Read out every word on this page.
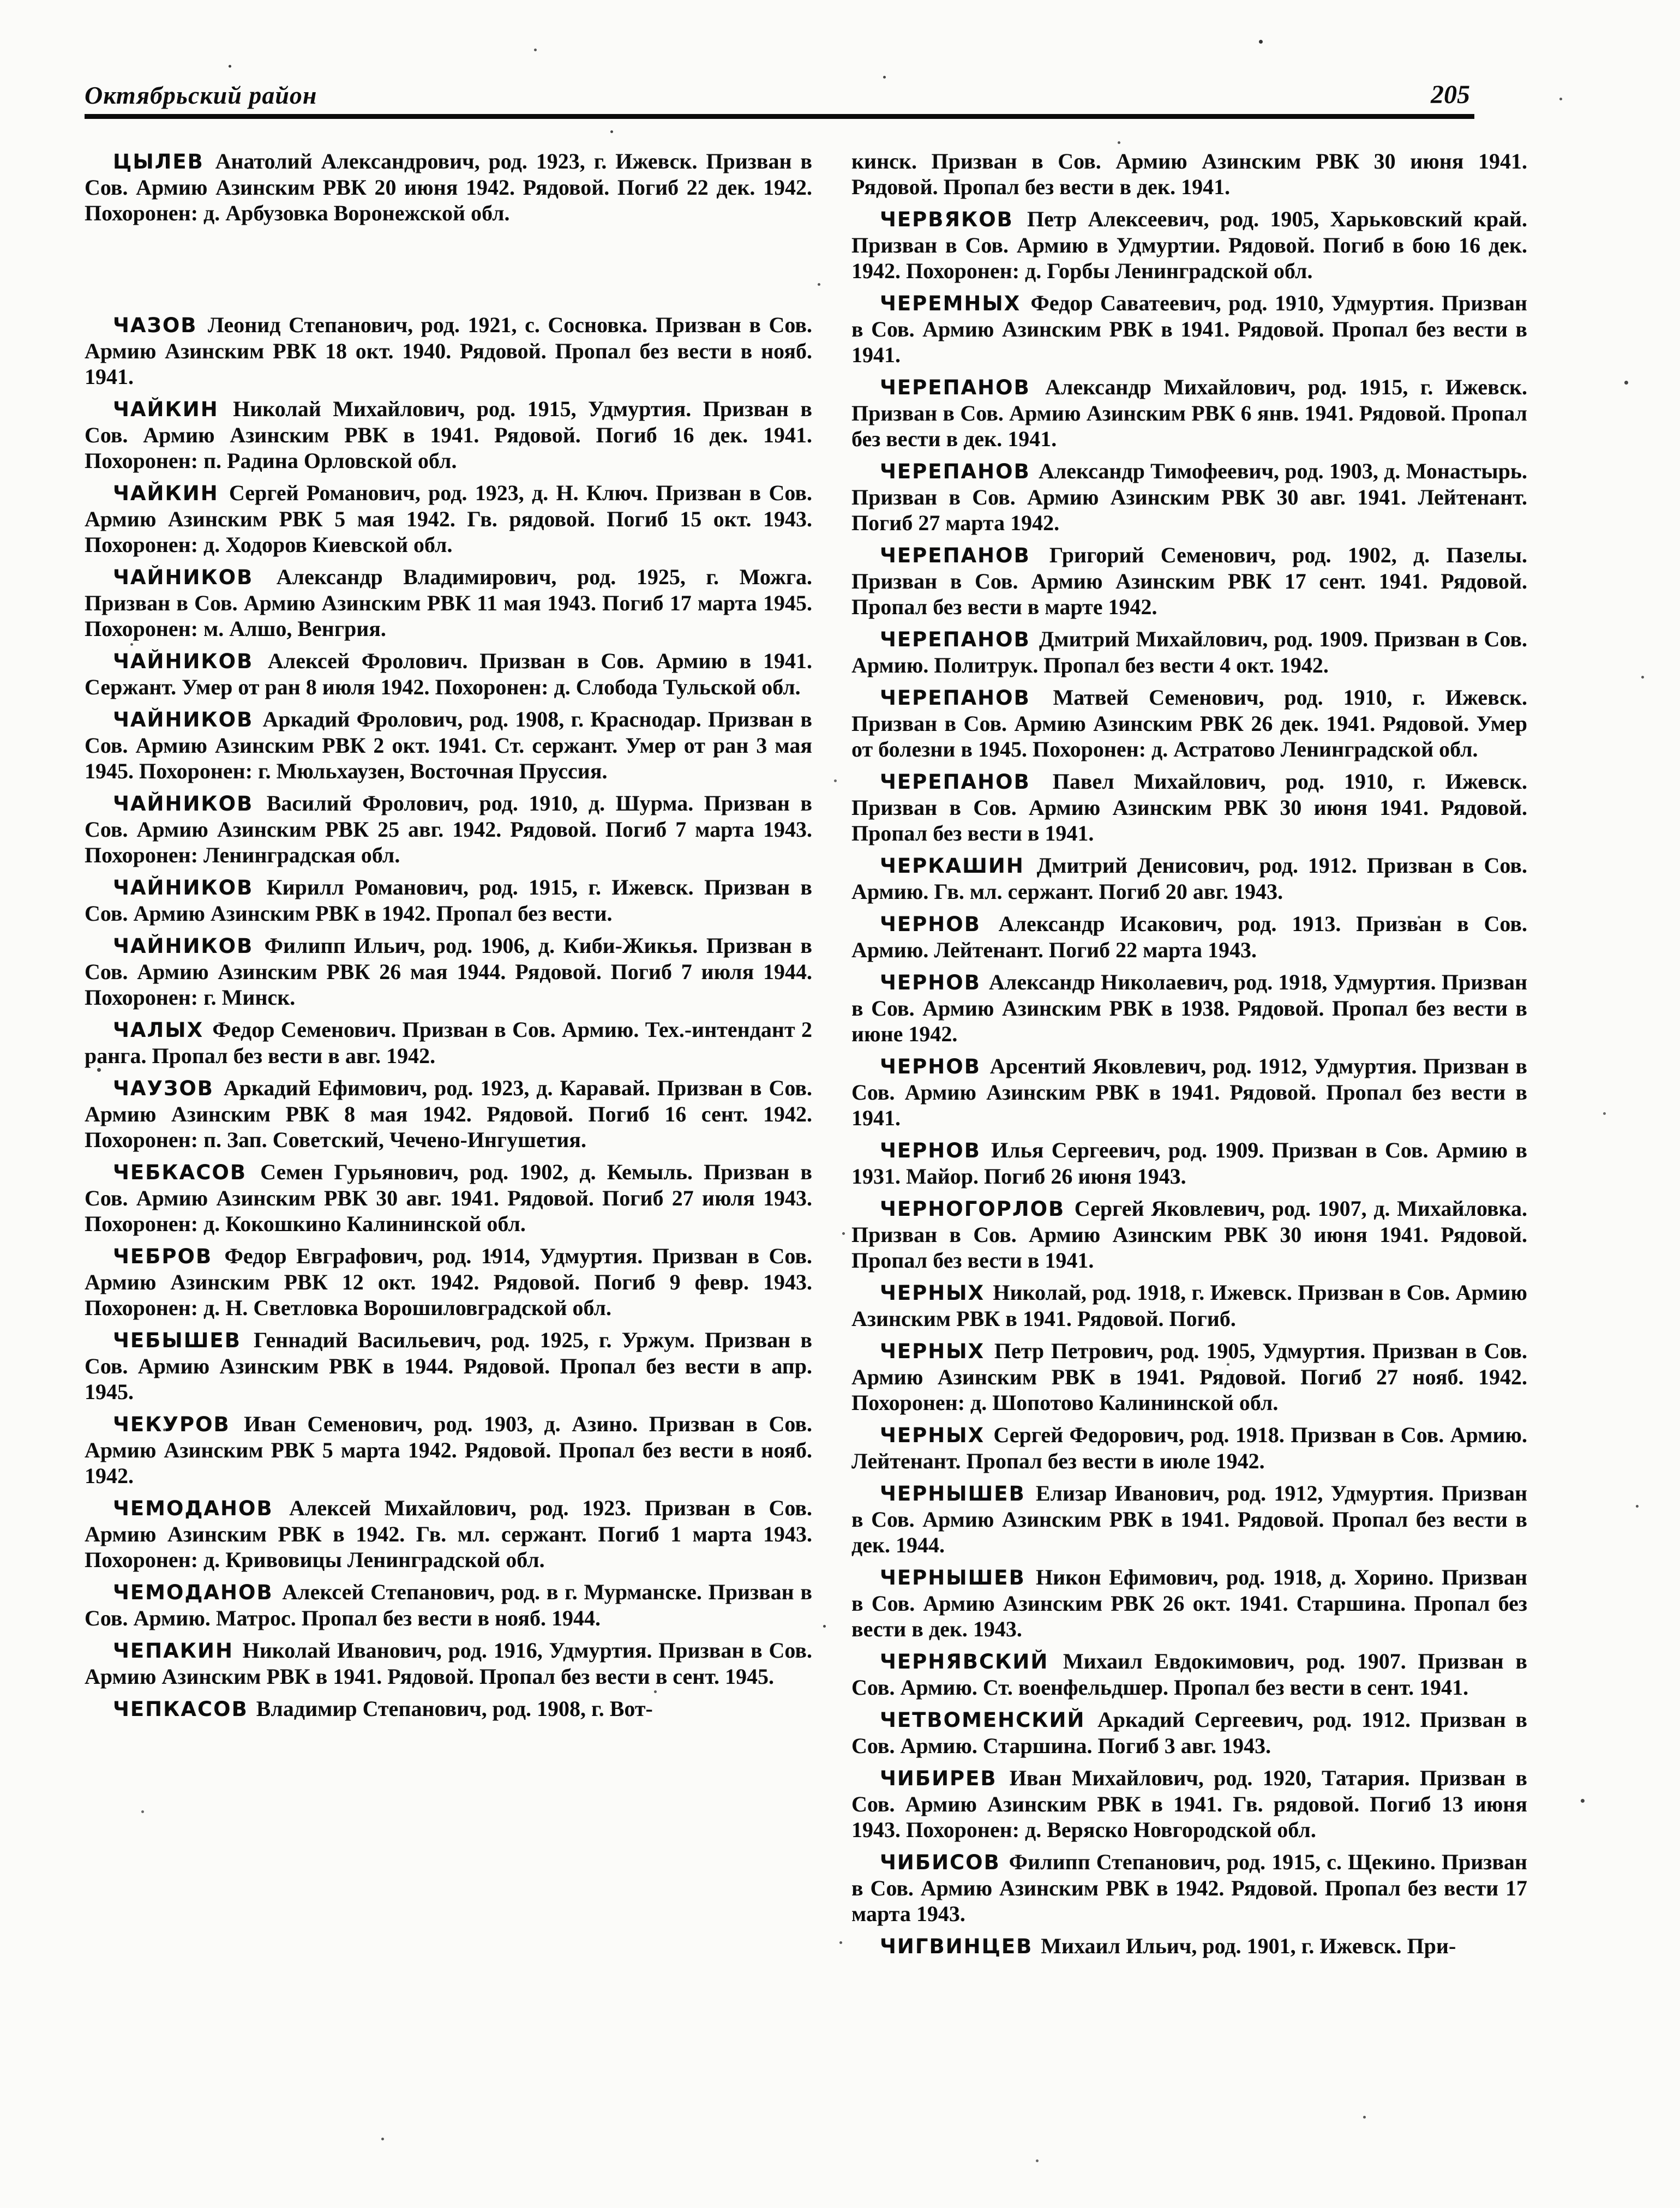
Октябрьский район	205

ЦЫЛЕВ Анатолий Александрович, род. 1923, г. Ижевск. Призван в Сов. Армию Азинским РВК 20 июня 1942. Рядовой. Погиб 22 дек. 1942. Похоронен: д. Арбузовка Воронежской обл.

ЧАЗОВ Леонид Степанович, род. 1921, с. Сосновка. Призван в Сов. Армию Азинским РВК 18 окт. 1940. Рядовой. Пропал без вести в нояб. 1941.

ЧАЙКИН Николай Михайлович, род. 1915, Удмуртия. Призван в Сов. Армию Азинским РВК в 1941. Рядовой. Погиб 16 дек. 1941. Похоронен: п. Радина Орловской обл.

ЧАЙКИН Сергей Романович, род. 1923, д. Н. Ключ. Призван в Сов. Армию Азинским РВК 5 мая 1942. Гв. рядовой. Погиб 15 окт. 1943. Похоронен: д. Ходоров Киевской обл.

ЧАЙНИКОВ Александр Владимирович, род. 1925, г. Можга. Призван в Сов. Армию Азинским РВК 11 мая 1943. Погиб 17 марта 1945. Похоронен: м. Алшо, Венгрия.

ЧАЙНИКОВ Алексей Фролович. Призван в Сов. Армию в 1941. Сержант. Умер от ран 8 июля 1942. Похоронен: д. Слобода Тульской обл.

ЧАЙНИКОВ Аркадий Фролович, род. 1908, г. Краснодар. Призван в Сов. Армию Азинским РВК 2 окт. 1941. Ст. сержант. Умер от ран 3 мая 1945. Похоронен: г. Мюльхаузен, Восточная Пруссия.

ЧАЙНИКОВ Василий Фролович, род. 1910, д. Шурма. Призван в Сов. Армию Азинским РВК 25 авг. 1942. Рядовой. Погиб 7 марта 1943. Похоронен: Ленинградская обл.

ЧАЙНИКОВ Кирилл Романович, род. 1915, г. Ижевск. Призван в Сов. Армию Азинским РВК в 1942. Пропал без вести.

ЧАЙНИКОВ Филипп Ильич, род. 1906, д. Киби-Жикья. Призван в Сов. Армию Азинским РВК 26 мая 1944. Рядовой. Погиб 7 июля 1944. Похоронен: г. Минск.

ЧАЛЫХ Федор Семенович. Призван в Сов. Армию. Тех.-интендант 2 ранга. Пропал без вести в авг. 1942.

ЧАУЗОВ Аркадий Ефимович, род. 1923, д. Каравай. Призван в Сов. Армию Азинским РВК 8 мая 1942. Рядовой. Погиб 16 сент. 1942. Похоронен: п. Зап. Советский, Чечено-Ингушетия.

ЧЕБКАСОВ Семен Гурьянович, род. 1902, д. Кемыль. Призван в Сов. Армию Азинским РВК 30 авг. 1941. Рядовой. Погиб 27 июля 1943. Похоронен: д. Кокошкино Калининской обл.

ЧЕБРОВ Федор Евграфович, род. 1914, Удмуртия. Призван в Сов. Армию Азинским РВК 12 окт. 1942. Рядовой. Погиб 9 февр. 1943. Похоронен: д. Н. Светловка Ворошиловградской обл.

ЧЕБЫШЕВ Геннадий Васильевич, род. 1925, г. Уржум. Призван в Сов. Армию Азинским РВК в 1944. Рядовой. Пропал без вести в апр. 1945.

ЧЕКУРОВ Иван Семенович, род. 1903, д. Азино. Призван в Сов. Армию Азинским РВК 5 марта 1942. Рядовой. Пропал без вести в нояб. 1942.

ЧЕМОДАНОВ Алексей Михайлович, род. 1923. Призван в Сов. Армию Азинским РВК в 1942. Гв. мл. сержант. Погиб 1 марта 1943. Похоронен: д. Кривовицы Ленинградской обл.

ЧЕМОДАНОВ Алексей Степанович, род. в г. Мурманске. Призван в Сов. Армию. Матрос. Пропал без вести в нояб. 1944.

ЧЕПАКИН Николай Иванович, род. 1916, Удмуртия. Призван в Сов. Армию Азинским РВК в 1941. Рядовой. Пропал без вести в сент. 1945.

ЧЕПКАСОВ Владимир Степанович, род. 1908, г. Вот-

кинск. Призван в Сов. Армию Азинским РВК 30 июня 1941. Рядовой. Пропал без вести в дек. 1941.

ЧЕРВЯКОВ Петр Алексеевич, род. 1905, Харьковский край. Призван в Сов. Армию в Удмуртии. Рядовой. Погиб в бою 16 дек. 1942. Похоронен: д. Горбы Ленинградской обл.

ЧЕРЕМНЫХ Федор Саватеевич, род. 1910, Удмуртия. Призван в Сов. Армию Азинским РВК в 1941. Рядовой. Пропал без вести в 1941.

ЧЕРЕПАНОВ Александр Михайлович, род. 1915, г. Ижевск. Призван в Сов. Армию Азинским РВК 6 янв. 1941. Рядовой. Пропал без вести в дек. 1941.

ЧЕРЕПАНОВ Александр Тимофеевич, род. 1903, д. Монастырь. Призван в Сов. Армию Азинским РВК 30 авг. 1941. Лейтенант. Погиб 27 марта 1942.

ЧЕРЕПАНОВ Григорий Семенович, род. 1902, д. Пазелы. Призван в Сов. Армию Азинским РВК 17 сент. 1941. Рядовой. Пропал без вести в марте 1942.

ЧЕРЕПАНОВ Дмитрий Михайлович, род. 1909. Призван в Сов. Армию. Политрук. Пропал без вести 4 окт. 1942.

ЧЕРЕПАНОВ Матвей Семенович, род. 1910, г. Ижевск. Призван в Сов. Армию Азинским РВК 26 дек. 1941. Рядовой. Умер от болезни в 1945. Похоронен: д. Астратово Ленинградской обл.

ЧЕРЕПАНОВ Павел Михайлович, род. 1910, г. Ижевск. Призван в Сов. Армию Азинским РВК 30 июня 1941. Рядовой. Пропал без вести в 1941.

ЧЕРКАШИН Дмитрий Денисович, род. 1912. Призван в Сов. Армию. Гв. мл. сержант. Погиб 20 авг. 1943.

ЧЕРНОВ Александр Исакович, род. 1913. Призван в Сов. Армию. Лейтенант. Погиб 22 марта 1943.

ЧЕРНОВ Александр Николаевич, род. 1918, Удмуртия. Призван в Сов. Армию Азинским РВК в 1938. Рядовой. Пропал без вести в июне 1942.

ЧЕРНОВ Арсентий Яковлевич, род. 1912, Удмуртия. Призван в Сов. Армию Азинским РВК в 1941. Рядовой. Пропал без вести в 1941.

ЧЕРНОВ Илья Сергеевич, род. 1909. Призван в Сов. Армию в 1931. Майор. Погиб 26 июня 1943.

ЧЕРНОГОРЛОВ Сергей Яковлевич, род. 1907, д. Михайловка. Призван в Сов. Армию Азинским РВК 30 июня 1941. Рядовой. Пропал без вести в 1941.

ЧЕРНЫХ Николай, род. 1918, г. Ижевск. Призван в Сов. Армию Азинским РВК в 1941. Рядовой. Погиб.

ЧЕРНЫХ Петр Петрович, род. 1905, Удмуртия. Призван в Сов. Армию Азинским РВК в 1941. Рядовой. Погиб 27 нояб. 1942. Похоронен: д. Шопотово Калининской обл.

ЧЕРНЫХ Сергей Федорович, род. 1918. Призван в Сов. Армию. Лейтенант. Пропал без вести в июле 1942.

ЧЕРНЫШЕВ Елизар Иванович, род. 1912, Удмуртия. Призван в Сов. Армию Азинским РВК в 1941. Рядовой. Пропал без вести в дек. 1944.

ЧЕРНЫШЕВ Никон Ефимович, род. 1918, д. Хорино. Призван в Сов. Армию Азинским РВК 26 окт. 1941. Старшина. Пропал без вести в дек. 1943.

ЧЕРНЯВСКИЙ Михаил Евдокимович, род. 1907. Призван в Сов. Армию. Ст. военфельдшер. Пропал без вести в сент. 1941.

ЧЕТВОМЕНСКИЙ Аркадий Сергеевич, род. 1912. Призван в Сов. Армию. Старшина. Погиб 3 авг. 1943.

ЧИБИРЕВ Иван Михайлович, род. 1920, Татария. Призван в Сов. Армию Азинским РВК в 1941. Гв. рядовой. Погиб 13 июня 1943. Похоронен: д. Веряско Новгородской обл.

ЧИБИСОВ Филипп Степанович, род. 1915, с. Щекино. Призван в Сов. Армию Азинским РВК в 1942. Рядовой. Пропал без вести 17 марта 1943.

ЧИГВИНЦЕВ Михаил Ильич, род. 1901, г. Ижевск. При-
